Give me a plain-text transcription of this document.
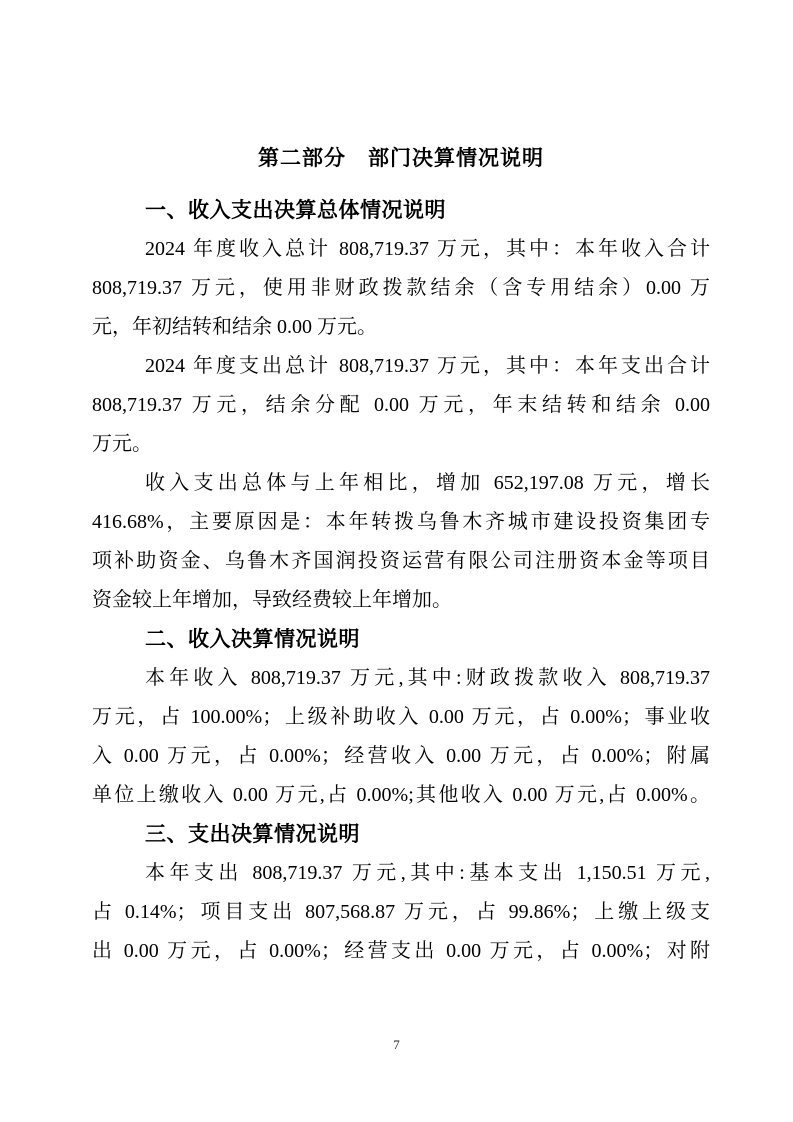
第二部分　部门决算情况说明
一、收入支出决算总体情况说明
2024 年度收入总计 808,719.37 万元，其中：本年收入合计
808,719.37 万元，使用非财政拨款结余（含专用结余）0.00 万
元，年初结转和结余 0.00 万元。
2024 年度支出总计 808,719.37 万元，其中：本年支出合计
808,719.37 万元，结余分配 0.00 万元，年末结转和结余 0.00
万元。
收入支出总体与上年相比，增加 652,197.08 万元，增长
416.68%，主要原因是：本年转拨乌鲁木齐城市建设投资集团专
项补助资金、乌鲁木齐国润投资运营有限公司注册资本金等项目
资金较上年增加，导致经费较上年增加。
二、收入决算情况说明
本年收入 808,719.37 万元,其中:财政拨款收入 808,719.37
万元，占 100.00%；上级补助收入 0.00 万元，占 0.00%；事业收
入 0.00 万元，占 0.00%；经营收入 0.00 万元，占 0.00%；附属
单位上缴收入 0.00 万元,占 0.00%;其他收入 0.00 万元,占 0.00%。
三、支出决算情况说明
本年支出 808,719.37 万元,其中:基本支出 1,150.51 万元,
占 0.14%；项目支出 807,568.87 万元，占 99.86%；上缴上级支
出 0.00 万元，占 0.00%；经营支出 0.00 万元，占 0.00%；对附
7
